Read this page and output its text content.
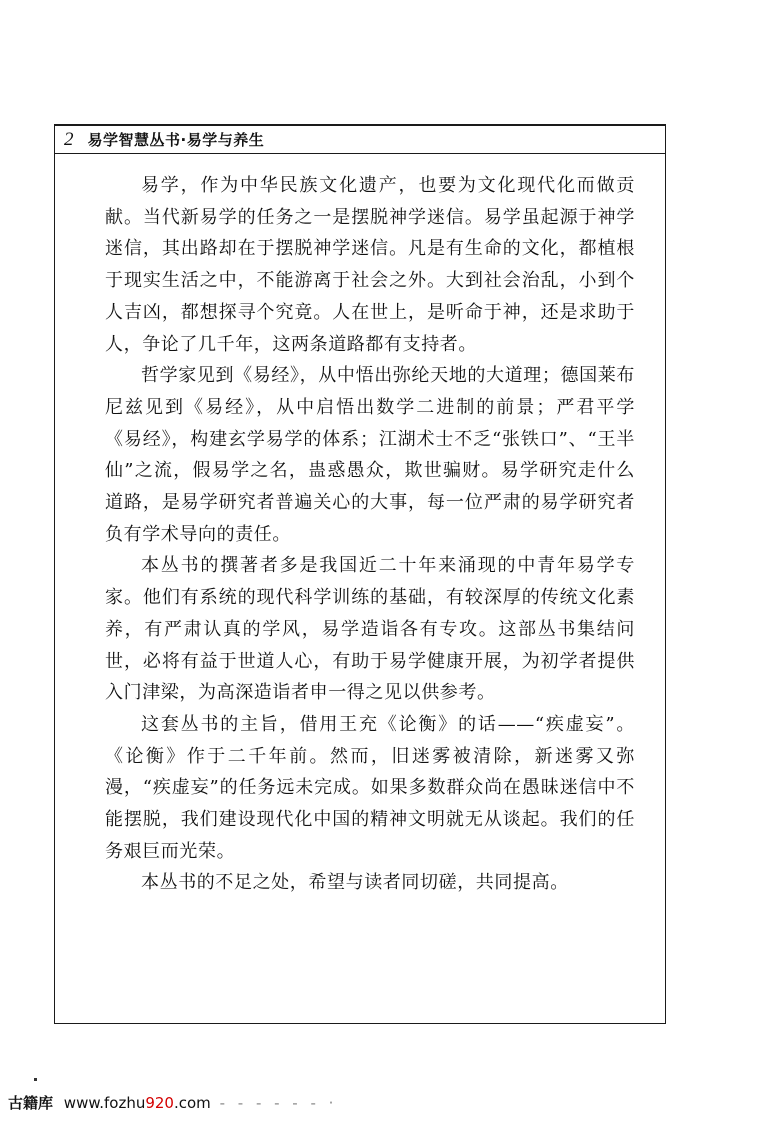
2 易学智慧丛书·易学与养生

易学，作为中华民族文化遗产，也要为文化现代化而做贡献。当代新易学的任务之一是摆脱神学迷信。易学虽起源于神学迷信，其出路却在于摆脱神学迷信。凡是有生命的文化，都植根于现实生活之中，不能游离于社会之外。大到社会治乱，小到个人吉凶，都想探寻个究竟。人在世上，是听命于神，还是求助于人，争论了几千年，这两条道路都有支持者。

哲学家见到《易经》，从中悟出弥纶天地的大道理；德国莱布尼兹见到《易经》，从中启悟出数学二进制的前景；严君平学《易经》，构建玄学易学的体系；江湖术士不乏“张铁口”、“王半仙”之流，假易学之名，蛊惑愚众，欺世骗财。易学研究走什么道路，是易学研究者普遍关心的大事，每一位严肃的易学研究者负有学术导向的责任。

本丛书的撰著者多是我国近二十年来涌现的中青年易学专家。他们有系统的现代科学训练的基础，有较深厚的传统文化素养，有严肃认真的学风，易学造诣各有专攻。这部丛书集结问世，必将有益于世道人心，有助于易学健康开展，为初学者提供入门津梁，为高深造诣者申一得之见以供参考。

这套丛书的主旨，借用王充《论衡》的话——“疾虚妄”。《论衡》作于二千年前。然而，旧迷雾被清除，新迷雾又弥漫，“疾虚妄”的任务远未完成。如果多数群众尚在愚昧迷信中不能摆脱，我们建设现代化中国的精神文明就无从谈起。我们的任务艰巨而光荣。

本丛书的不足之处，希望与读者同切磋，共同提高。

古籍库 www.fozhu920.com - - - - - - ·
